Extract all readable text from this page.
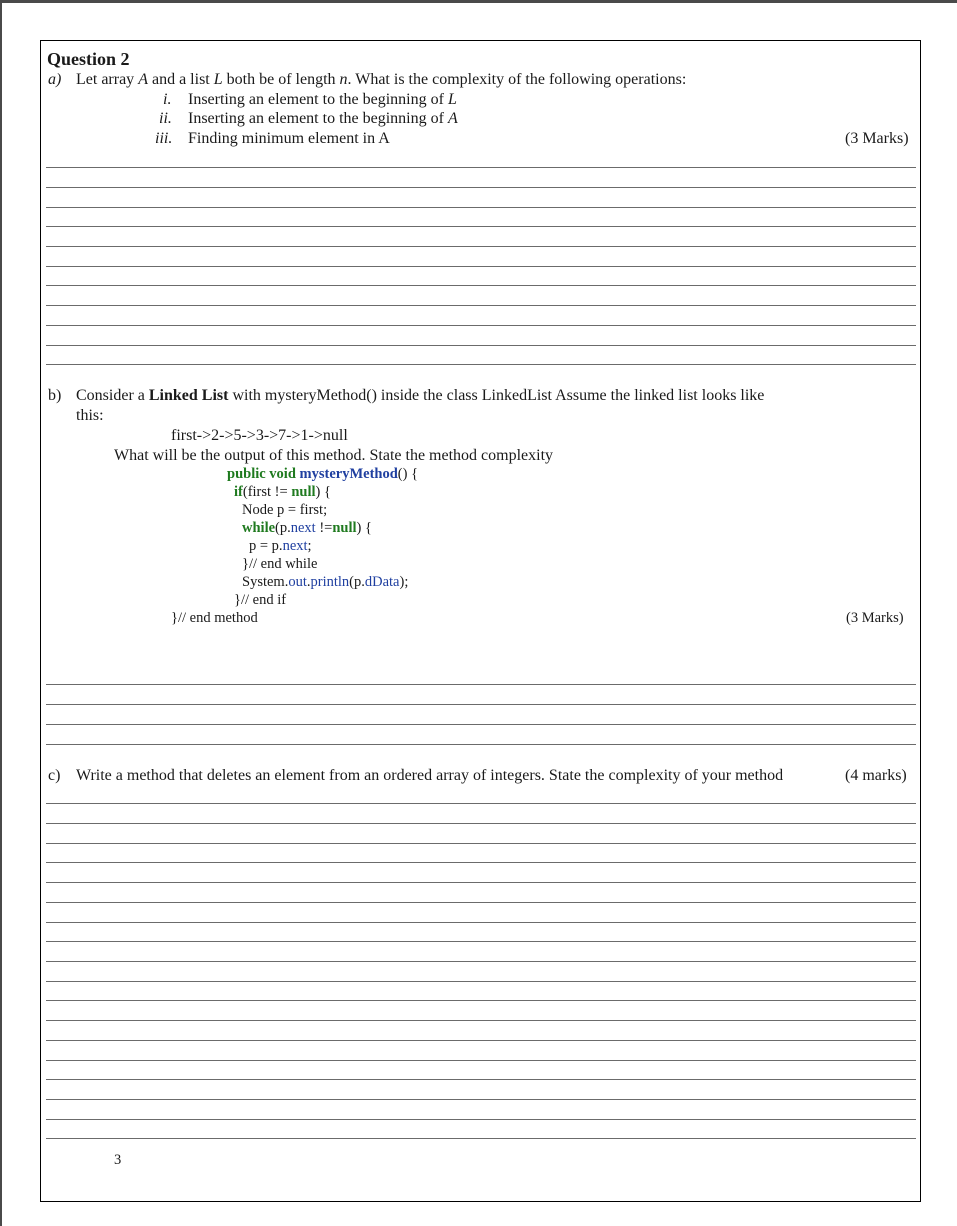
Question 2
a) Let array A and a list L both be of length n. What is the complexity of the following operations:
i. Inserting an element to the beginning of L
ii. Inserting an element to the beginning of A
iii. Finding minimum element in A	(3 Marks)
b) Consider a Linked List with mysteryMethod() inside the class LinkedList Assume the linked list looks like
this:
first->2->5->3->7->1->null
What will be the output of this method. State the method complexity
public void mysteryMethod() {
if(first != null) {
Node p = first;
while(p.next !=null) {
p = p.next;
}// end while
System.out.println(p.dData);
}// end if
}// end method	(3 Marks)
c) Write a method that deletes an element from an ordered array of integers. State the complexity of your method	(4 marks)
3
